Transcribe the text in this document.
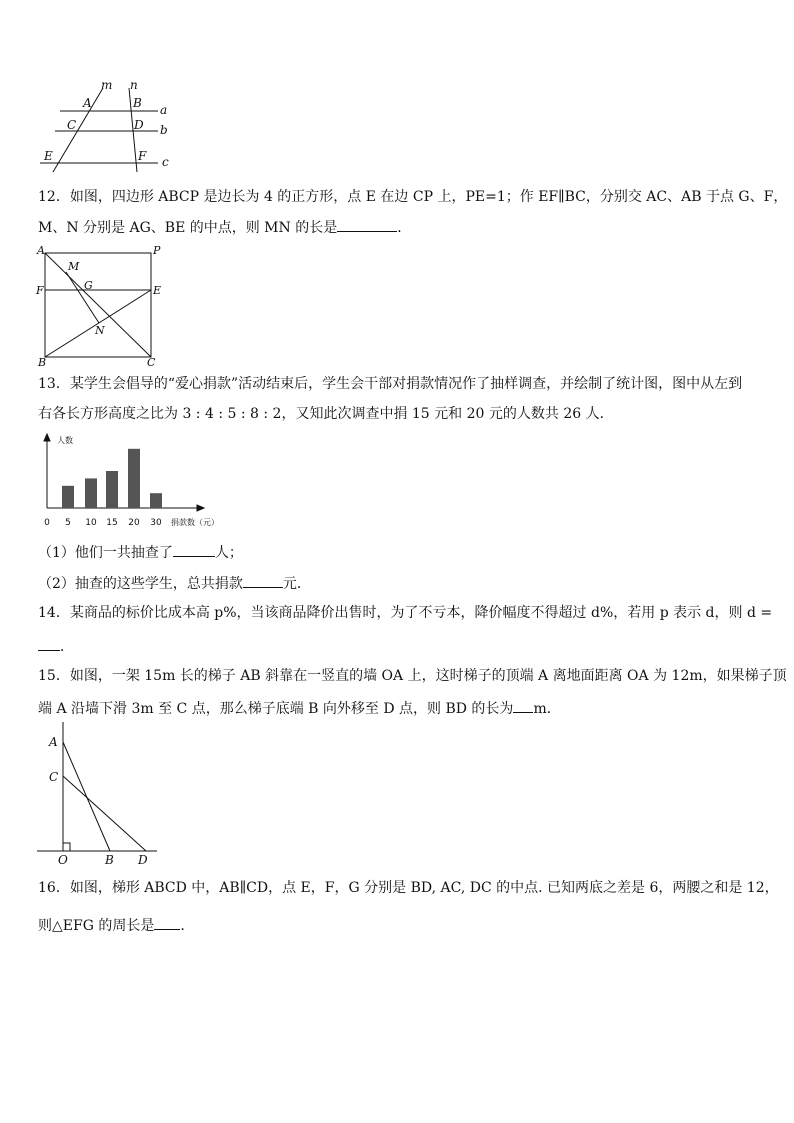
m n
A	B a
C	D b
E	F c
12．如图，四边形 ABCP 是边长为 4 的正方形，点 E 在边 CP 上，PE=1；作 EF∥BC，分别交 AC、AB 于点 G、F，
M、N 分别是 AG、BE 的中点，则 MN 的长是	．
A	P
M
G
F	E
N
B	C
13．某学生会倡导的“爱心捐款”活动结束后，学生会干部对捐款情况作了抽样调查，并绘制了统计图，图中从左到
右各长方形高度之比为 3 : 4 : 5 : 8 : 2，又知此次调查中捐 15 元和 20 元的人数共 26 人．
人数
捐款数（元）
0 5 10 15 20 30
（1）他们一共抽查了	人；
（2）抽查的这些学生，总共捐款	元．
14．某商品的标价比成本高 p%，当该商品降价出售时，为了不亏本，降价幅度不得超过 d%，若用 p 表示 d，则 d =
．
15．如图，一架 15m 长的梯子 AB 斜靠在一竖直的墙 OA 上，这时梯子的顶端 A 离地面距离 OA 为 12m，如果梯子顶
端 A 沿墙下滑 3m 至 C 点，那么梯子底端 B 向外移至 D 点，则 BD 的长为 m．
A
C
O	B D
16．如图，梯形 ABCD 中，AB∥CD，点 E，F，G 分别是 BD, AC, DC 的中点. 已知两底之差是 6，两腰之和是 12，
则△EFG 的周长是 .
